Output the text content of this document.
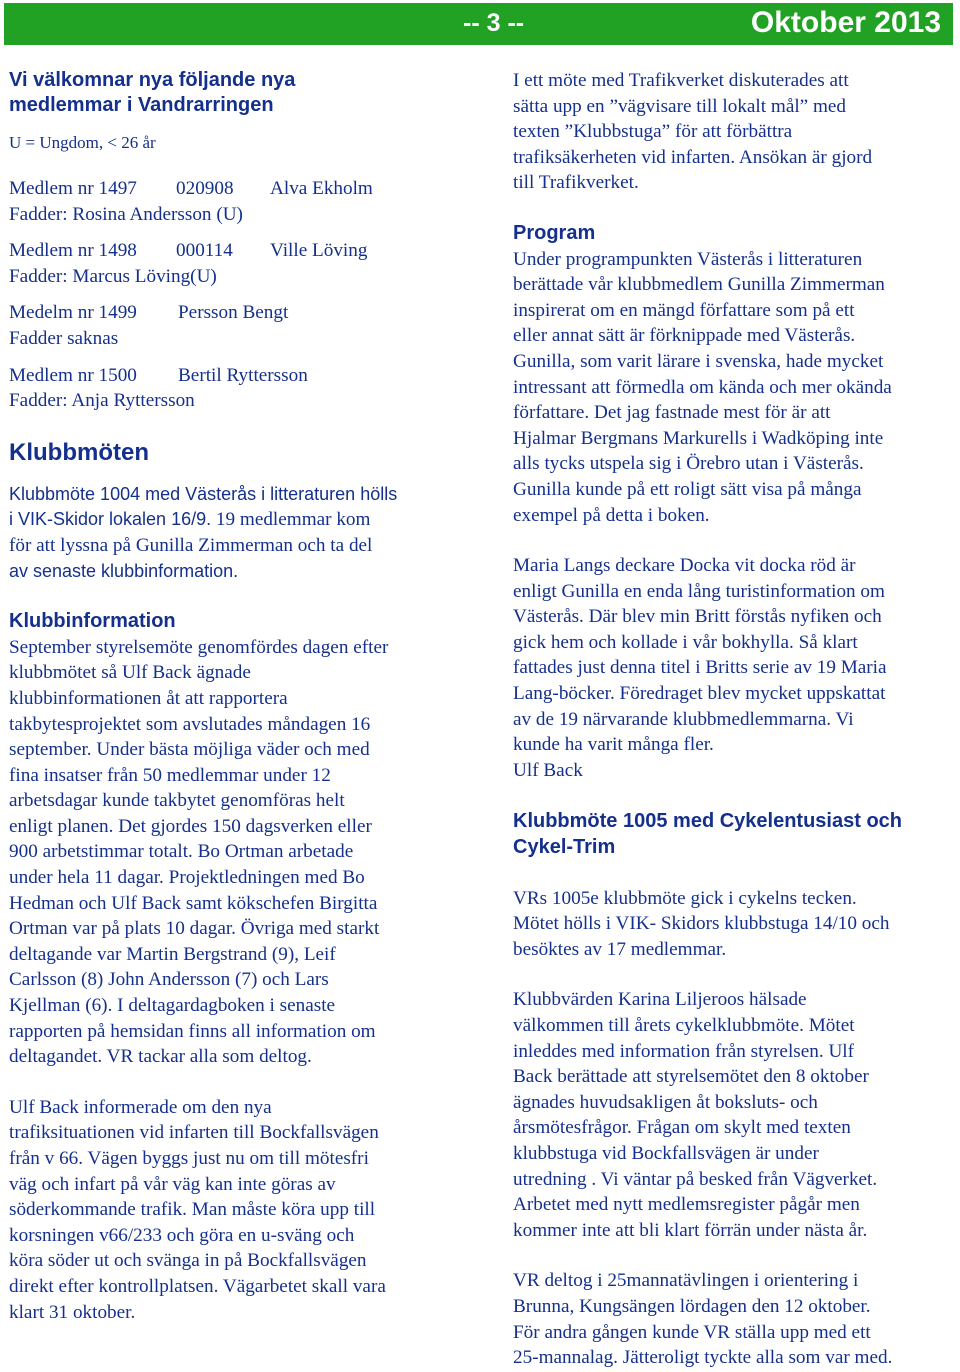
-- 3 --	Oktober 2013

Vi välkomnar nya följande nya
medlemmar i Vandrarringen

U = Ungdom, < 26 år

Medlem nr 1497 020908 Alva Ekholm

Fadder: Rosina Andersson (U)

Medlem nr 1498 000114 Ville Löving

Fadder: Marcus Löving(U)

Medelm nr 1499 Persson Bengt

Fadder saknas

Medlem nr 1500 Bertil Ryttersson

Fadder: Anja Ryttersson

Klubbmöten

Klubbmöte 1004 med Västerås i litteraturen hölls

i VIK-Skidor lokalen 16/9. 19 medlemmar kom

för att lyssna på Gunilla Zimmerman och ta del

av senaste klubbinformation.

Klubbinformation

September styrelsemöte genomfördes dagen efter

klubbmötet så Ulf Back ägnade

klubbinformationen åt att rapportera

takbytesprojektet som avslutades måndagen 16

september. Under bästa möjliga väder och med

fina insatser från 50 medlemmar under 12

arbetsdagar kunde takbytet genomföras helt

enligt planen. Det gjordes 150 dagsverken eller

900 arbetstimmar totalt. Bo Ortman arbetade

under hela 11 dagar. Projektledningen med Bo

Hedman och Ulf Back samt kökschefen Birgitta

Ortman var på plats 10 dagar. Övriga med starkt

deltagande var Martin Bergstrand (9), Leif

Carlsson (8) John Andersson (7) och Lars

Kjellman (6). I deltagardagboken i senaste

rapporten på hemsidan finns all information om

deltagandet. VR tackar alla som deltog.

Ulf Back informerade om den nya

trafiksituationen vid infarten till Bockfallsvägen

från v 66. Vägen byggs just nu om till mötesfri

väg och infart på vår väg kan inte göras av

söderkommande trafik. Man måste köra upp till

korsningen v66/233 och göra en u-sväng och

köra söder ut och svänga in på Bockfallsvägen

direkt efter kontrollplatsen. Vägarbetet skall vara

klart 31 oktober.

I ett möte med Trafikverket diskuterades att

sätta upp en ”vägvisare till lokalt mål” med

texten ”Klubbstuga” för att förbättra

trafiksäkerheten vid infarten. Ansökan är gjord

till Trafikverket.

Program

Under programpunkten Västerås i litteraturen

berättade vår klubbmedlem Gunilla Zimmerman

inspirerat om en mängd författare som på ett

eller annat sätt är förknippade med Västerås.

Gunilla, som varit lärare i svenska, hade mycket

intressant att förmedla om kända och mer okända

författare. Det jag fastnade mest för är att

Hjalmar Bergmans Markurells i Wadköping inte

alls tycks utspela sig i Örebro utan i Västerås.

Gunilla kunde på ett roligt sätt visa på många

exempel på detta i boken.

Maria Langs deckare Docka vit docka röd är

enligt Gunilla en enda lång turistinformation om

Västerås. Där blev min Britt förstås nyfiken och

gick hem och kollade i vår bokhylla. Så klart

fattades just denna titel i Britts serie av 19 Maria

Lang-böcker. Föredraget blev mycket uppskattat

av de 19 närvarande klubbmedlemmarna. Vi

kunde ha varit många fler.

Ulf Back

Klubbmöte 1005 med Cykelentusiast och
Cykel-Trim

VRs 1005e klubbmöte gick i cykelns tecken.

Mötet hölls i VIK- Skidors klubbstuga 14/10 och

besöktes av 17 medlemmar.

Klubbvärden Karina Liljeroos hälsade

välkommen till årets cykelklubbmöte. Mötet

inleddes med information från styrelsen. Ulf

Back berättade att styrelsemötet den 8 oktober

ägnades huvudsakligen åt boksluts- och

årsmötesfrågor. Frågan om skylt med texten

klubbstuga vid Bockfallsvägen är under

utredning . Vi väntar på besked från Vägverket.

Arbetet med nytt medlemsregister pågår men

kommer inte att bli klart förrän under nästa år.

VR deltog i 25mannatävlingen i orientering i

Brunna, Kungsängen lördagen den 12 oktober.

För andra gången kunde VR ställa upp med ett

25-mannalag. Jätteroligt tyckte alla som var med.
